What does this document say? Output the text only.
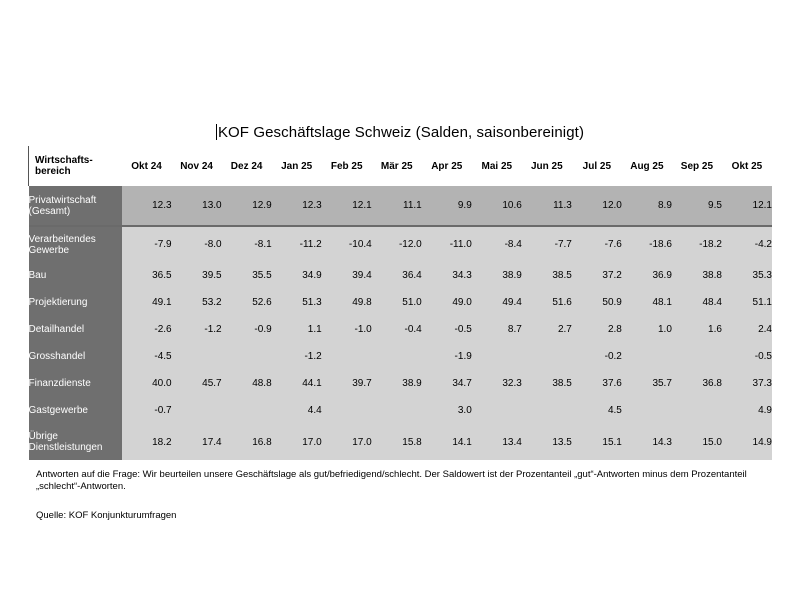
KOF Geschäftslage Schweiz (Salden, saisonbereinigt)
Wirtschafts-
bereich	Okt 24	Nov 24	Dez 24	Jan 25	Feb 25	Mär 25	Apr 25	Mai 25	Jun 25	Jul 25	Aug 25	Sep 25	Okt 25
Privatwirtschaft
(Gesamt)	12.3	13.0	12.9	12.3	12.1	11.1	9.9	10.6	11.3	12.0	8.9	9.5	12.1
Verarbeitendes
Gewerbe	-7.9	-8.0	-8.1	-11.2	-10.4	-12.0	-11.0	-8.4	-7.7	-7.6	-18.6	-18.2	-4.2
Bau	36.5	39.5	35.5	34.9	39.4	36.4	34.3	38.9	38.5	37.2	36.9	38.8	35.3
Projektierung	49.1	53.2	52.6	51.3	49.8	51.0	49.0	49.4	51.6	50.9	48.1	48.4	51.1
Detailhandel	-2.6	-1.2	-0.9	1.1	-1.0	-0.4	-0.5	8.7	2.7	2.8	1.0	1.6	2.4
Grosshandel	-4.5			-1.2			-1.9			-0.2			-0.5
Finanzdienste	40.0	45.7	48.8	44.1	39.7	38.9	34.7	32.3	38.5	37.6	35.7	36.8	37.3
Gastgewerbe	-0.7			4.4			3.0			4.5			4.9
Übrige
Dienstleistungen	18.2	17.4	16.8	17.0	17.0	15.8	14.1	13.4	13.5	15.1	14.3	15.0	14.9
Antworten auf die Frage: Wir beurteilen unsere Geschäftslage als gut/befriedigend/schlecht. Der Saldowert ist der Prozentanteil „gut“-Antworten minus dem Prozentanteil „schlecht“-Antworten.
Quelle: KOF Konjunkturumfragen
